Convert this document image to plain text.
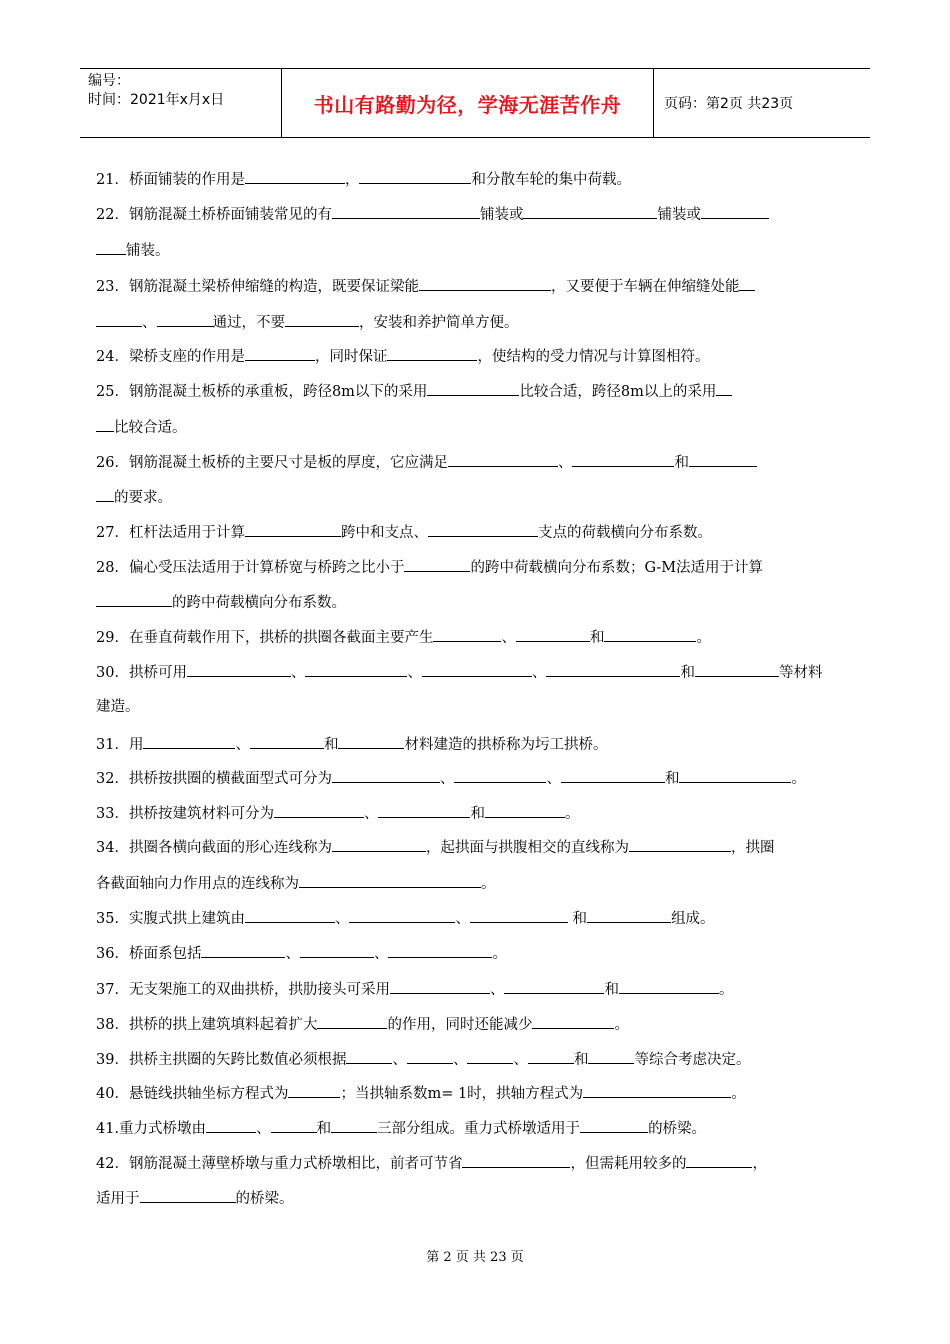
编号：
时间：2021年x月x日	书山有路勤为径，学海无涯苦作舟	页码：第2页 共23页
21．桥面铺装的作用是	，	和分散车轮的集中荷载。
22．钢筋混凝土桥桥面铺装常见的有	铺装或	铺装或
铺装。
23．钢筋混凝土梁桥伸缩缝的构造，既要保证梁能	，又要便于车辆在伸缩缝处能
、	通过，不要	，安装和养护简单方便。
24．梁桥支座的作用是	，同时保证	，使结构的受力情况与计算图相符。
25．钢筋混凝土板桥的承重板，跨径8m以下的采用	比较合适，跨径8m以上的采用
比较合适。
26．钢筋混凝土板桥的主要尺寸是板的厚度，它应满足	、	和
的要求。
27．杠杆法适用于计算	跨中和支点、	支点的荷载横向分布系数。
28．偏心受压法适用于计算桥宽与桥跨之比小于	的跨中荷载横向分布系数；G-M法适用于计算
的跨中荷载横向分布系数。
29．在垂直荷载作用下，拱桥的拱圈各截面主要产生	、	和	。
30．拱桥可用	、	、	、	和	等材料
建造。
31．用	、	和	材料建造的拱桥称为圬工拱桥。
32．拱桥按拱圈的横截面型式可分为	、	、	和	。
33．拱桥按建筑材料可分为	、	和	。
34．拱圈各横向截面的形心连线称为	，起拱面与拱腹相交的直线称为	，拱圈
各截面轴向力作用点的连线称为	。
35．实腹式拱上建筑由	、	、	和	组成。
36．桥面系包括	、	、	。
37．无支架施工的双曲拱桥，拱肋接头可采用	、	和	。
38．拱桥的拱上建筑填料起着扩大	的作用，同时还能减少	。
39．拱桥主拱圈的矢跨比数值必须根据	、	、	、	和	等综合考虑决定。
40．悬链线拱轴坐标方程式为	；当拱轴系数m= 1时，拱轴方程式为	。
41.重力式桥墩由	、	和	三部分组成。重力式桥墩适用于	的桥梁。
42．钢筋混凝土薄壁桥墩与重力式桥墩相比，前者可节省	，但需耗用较多的	，
适用于	的桥梁。
第 2 页 共 23 页
